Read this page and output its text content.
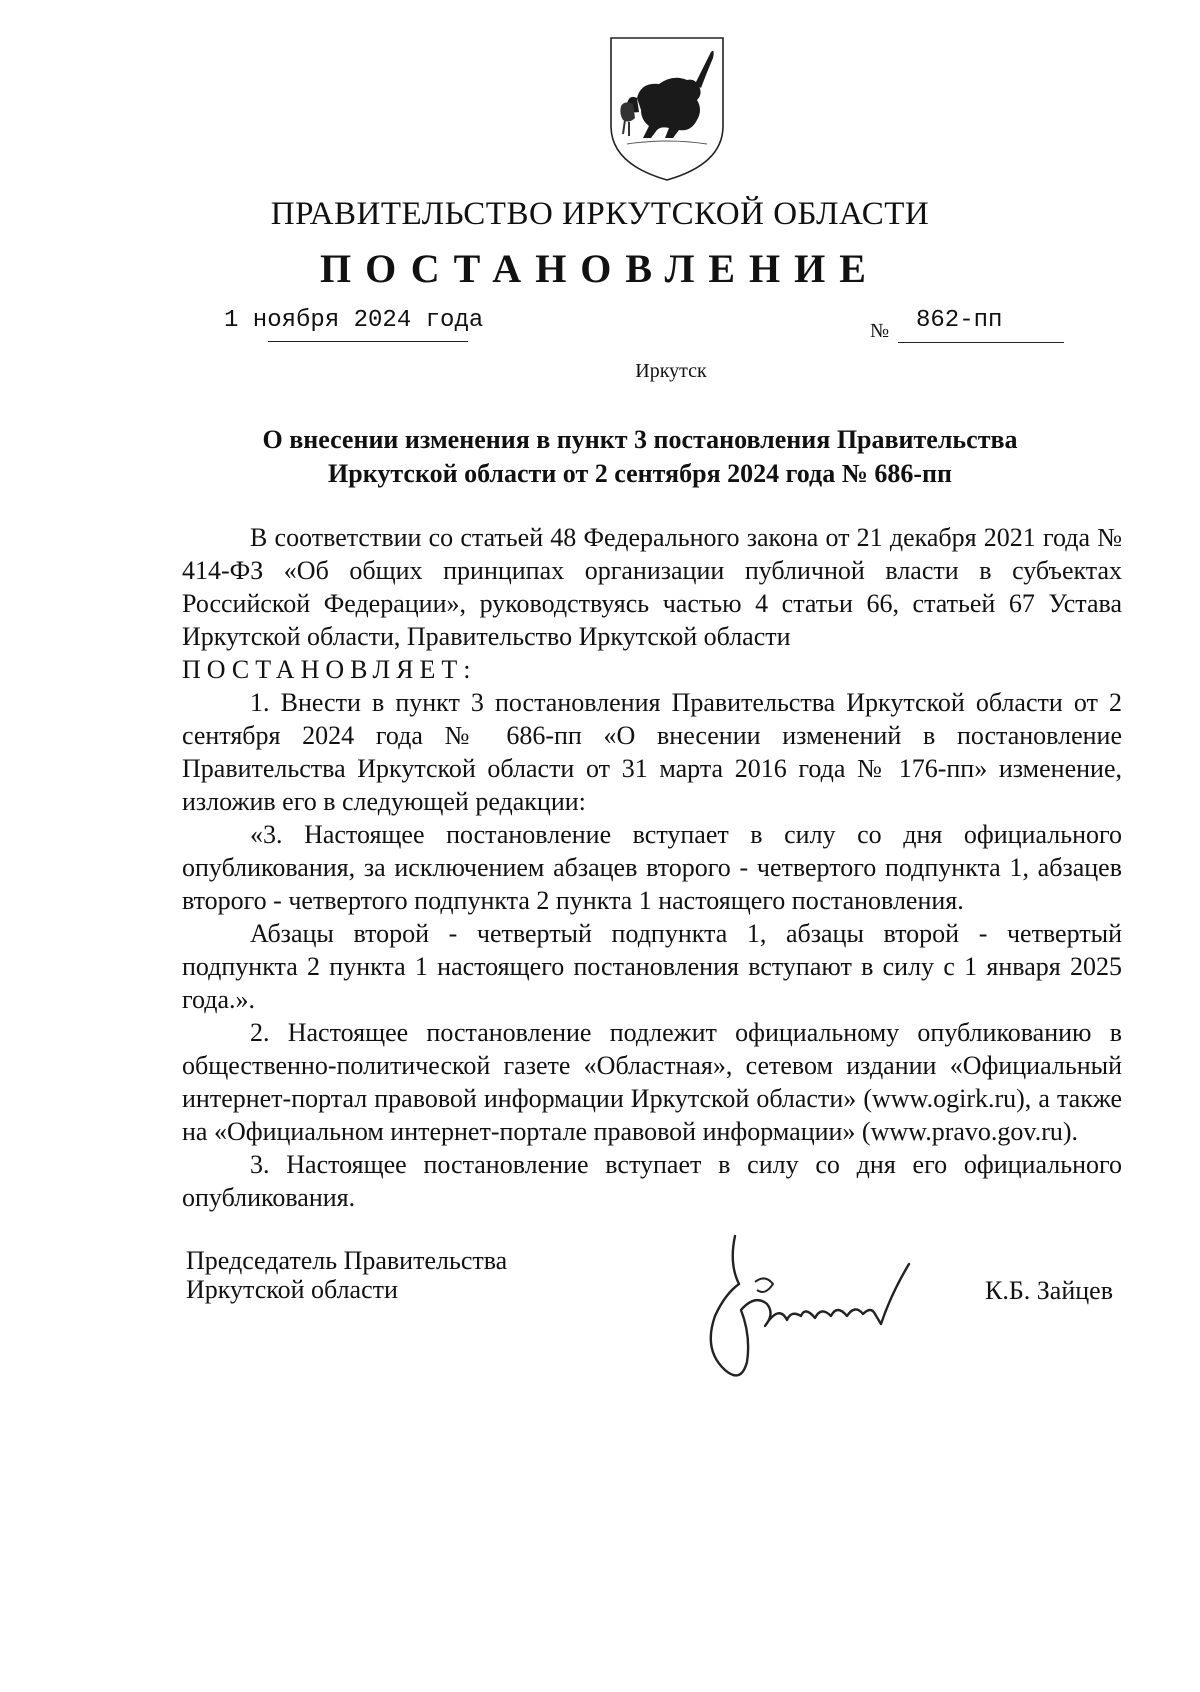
ПРАВИТЕЛЬСТВО ИРКУТСКОЙ ОБЛАСТИ
ПОСТАНОВЛЕНИЕ
1 ноября 2024 года	№ 862-пп
Иркутск
О внесении изменения в пункт 3 постановления Правительства
Иркутской области от 2 сентября 2024 года № 686-пп

В соответствии со статьей 48 Федерального закона от 21 декабря 2021 года № 414-ФЗ «Об общих принципах организации публичной власти в субъектах Российской Федерации», руководствуясь частью 4 статьи 66, статьей 67 Устава Иркутской области, Правительство Иркутской области

ПОСТАНОВЛЯЕТ:

1. Внести в пункт 3 постановления Правительства Иркутской области от 2 сентября 2024 года № 686-пп «О внесении изменений в постановление Правительства Иркутской области от 31 марта 2016 года № 176-пп» изменение, изложив его в следующей редакции:

«3. Настоящее постановление вступает в силу со дня официального опубликования, за исключением абзацев второго - четвертого подпункта 1, абзацев второго - четвертого подпункта 2 пункта 1 настоящего постановления.

Абзацы второй - четвертый подпункта 1, абзацы второй - четвертый подпункта 2 пункта 1 настоящего постановления вступают в силу с 1 января 2025 года.».

2. Настоящее постановление подлежит официальному опубликованию в общественно-политической газете «Областная», сетевом издании «Официальный интернет-портал правовой информации Иркутской области» (www.ogirk.ru), а также на «Официальном интернет-портале правовой информации» (www.pravo.gov.ru).

3. Настоящее постановление вступает в силу со дня его официального опубликования.

Председатель Правительства
Иркутской области	К.Б. Зайцев
